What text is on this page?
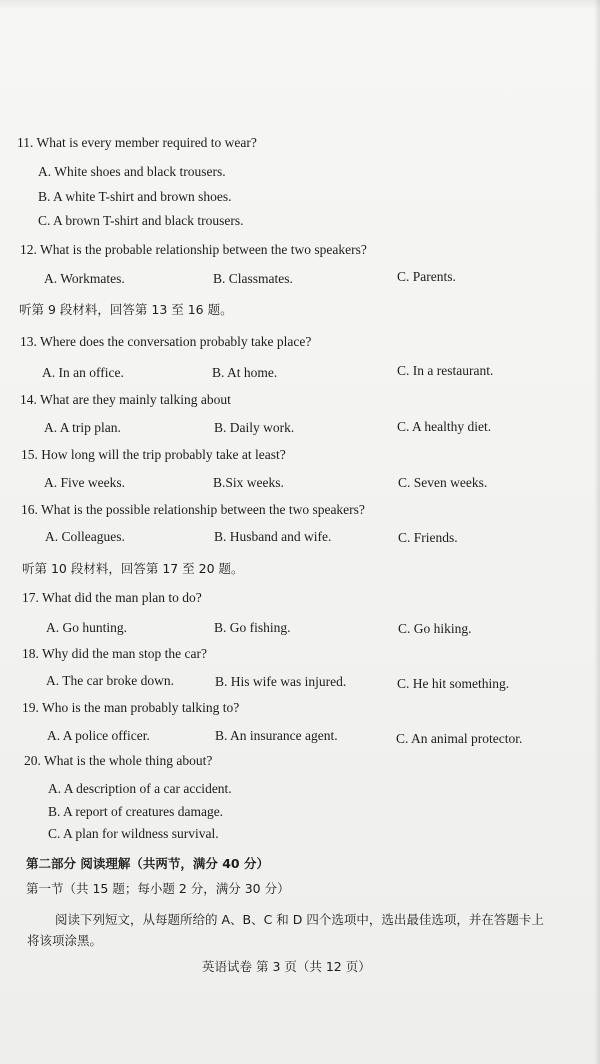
11. What is every member required to wear?
A. White shoes and black trousers.
B. A white T-shirt and brown shoes.
C. A brown T-shirt and black trousers.
12. What is the probable relationship between the two speakers?
A. Workmates.	B. Classmates.	C. Parents.
听第 9 段材料，回答第 13 至 16 题。
13. Where does the conversation probably take place?
A. In an office.	B. At home.	C. In a restaurant.
14. What are they mainly talking about
A. A trip plan.	B. Daily work.	C. A healthy diet.
15. How long will the trip probably take at least?
A. Five weeks.	B.Six weeks.	C. Seven weeks.
16. What is the possible relationship between the two speakers?
A. Colleagues.	B. Husband and wife.	C. Friends.
听第 10 段材料，回答第 17 至 20 题。
17. What did the man plan to do?
A. Go hunting.	B. Go fishing.	C. Go hiking.
18. Why did the man stop the car?
A. The car broke down.	B. His wife was injured.	C. He hit something.
19. Who is the man probably talking to?
A. A police officer.	B. An insurance agent.	C. An animal protector.
20. What is the whole thing about?
A. A description of a car accident.
B. A report of creatures damage.
C. A plan for wildness survival.
第二部分 阅读理解（共两节，满分 40 分）
第一节（共 15 题；每小题 2 分，满分 30 分）
阅读下列短文，从每题所给的 A、B、C 和 D 四个选项中，选出最佳选项，并在答题卡上
将该项涂黑。
英语试卷 第 3 页（共 12 页）
